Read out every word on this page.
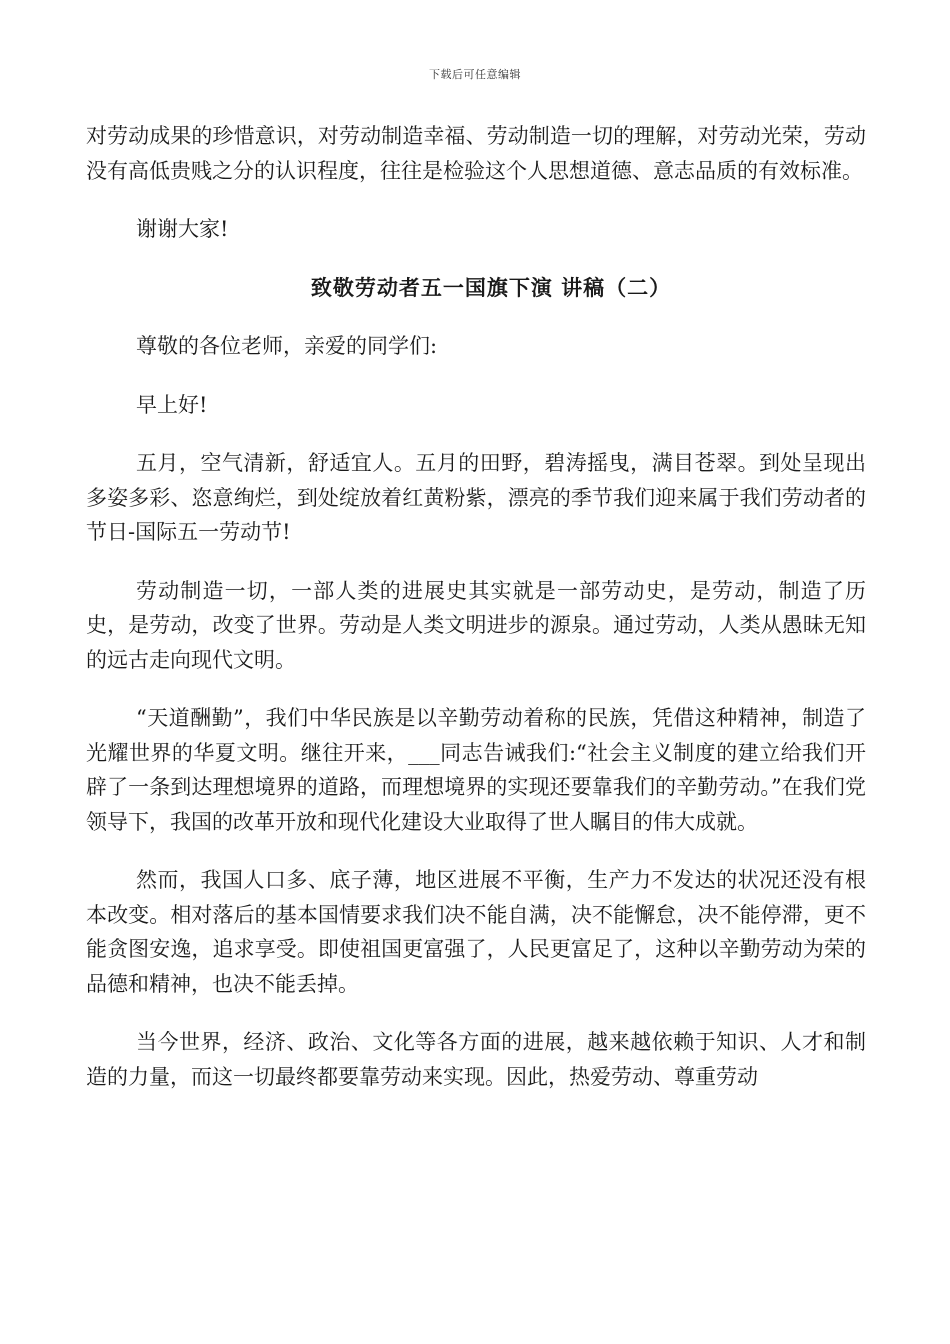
下载后可任意编辑

对劳动成果的珍惜意识，对劳动制造幸福、劳动制造一切的理解，对劳动光荣，劳动没有高低贵贱之分的认识程度，往往是检验这个人思想道德、意志品质的有效标准。

谢谢大家!

致敬劳动者五一国旗下演 讲稿（二）

尊敬的各位老师，亲爱的同学们:

早上好!

五月，空气清新，舒适宜人。五月的田野，碧涛摇曳，满目苍翠。到处呈现出多姿多彩、恣意绚烂，到处绽放着红黄粉紫，漂亮的季节我们迎来属于我们劳动者的节日-国际五一劳动节!

劳动制造一切，一部人类的进展史其实就是一部劳动史，是劳动，制造了历史，是劳动，改变了世界。劳动是人类文明进步的源泉。通过劳动，人类从愚昧无知的远古走向现代文明。

“天道酬勤”，我们中华民族是以辛勤劳动着称的民族，凭借这种精神，制造了光耀世界的华夏文明。继往开来，___同志告诫我们:“社会主义制度的建立给我们开辟了一条到达理想境界的道路，而理想境界的实现还要靠我们的辛勤劳动。”在我们党领导下，我国的改革开放和现代化建设大业取得了世人瞩目的伟大成就。

然而，我国人口多、底子薄，地区进展不平衡，生产力不发达的状况还没有根本改变。相对落后的基本国情要求我们决不能自满，决不能懈怠，决不能停滞，更不能贪图安逸，追求享受。即使祖国更富强了，人民更富足了，这种以辛勤劳动为荣的品德和精神，也决不能丢掉。

当今世界，经济、政治、文化等各方面的进展，越来越依赖于知识、人才和制造的力量，而这一切最终都要靠劳动来实现。因此，热爱劳动、尊重劳动
